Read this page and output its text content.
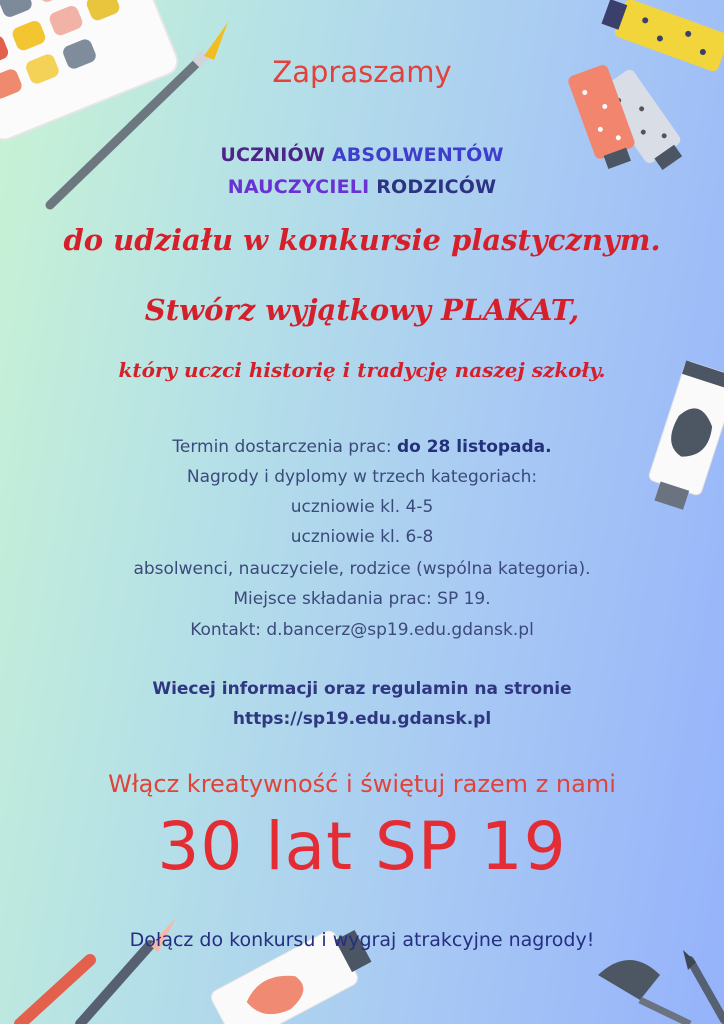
Zapraszamy

UCZNIÓW ABSOLWENTÓW

NAUCZYCIELI RODZICÓW

do udziału w konkursie plastycznym.

Stwórz wyjątkowy PLAKAT,

który uczci historię i tradycję naszej szkoły.

Termin dostarczenia prac: do 28 listopada.

Nagrody i dyplomy w trzech kategoriach:

uczniowie kl. 4-5

uczniowie kl. 6-8

absolwenci, nauczyciele, rodzice (wspólna kategoria).

Miejsce składania prac: SP 19.

Kontakt: d.bancerz@sp19.edu.gdansk.pl

Wiecej informacji oraz regulamin na stronie

https://sp19.edu.gdansk.pl

Włącz kreatywność i świętuj razem z nami

30 lat SP 19

Dołącz do konkursu i wygraj atrakcyjne nagrody!
